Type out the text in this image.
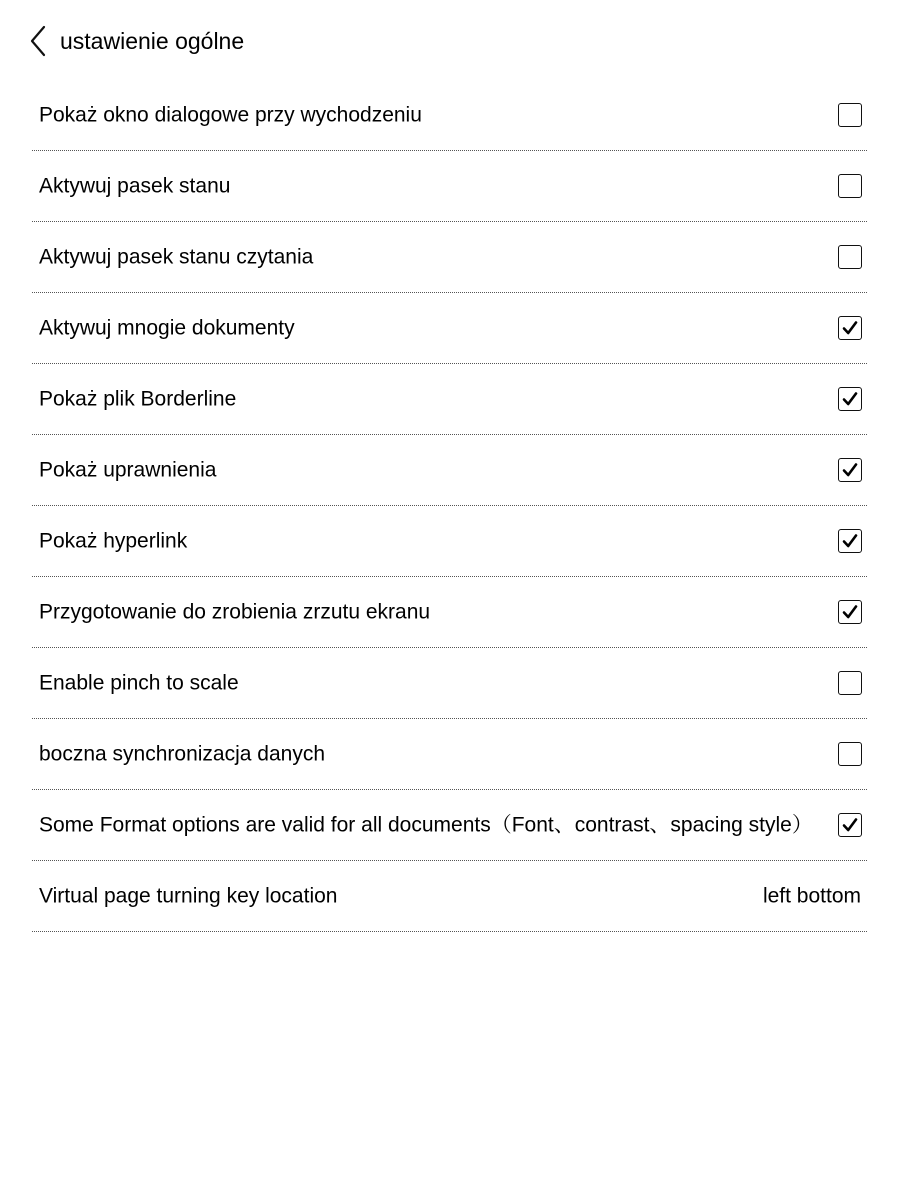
ustawienie ogólne
Pokaż okno dialogowe przy wychodzeniu
Aktywuj pasek stanu
Aktywuj pasek stanu czytania
Aktywuj mnogie dokumenty
Pokaż plik Borderline
Pokaż uprawnienia
Pokaż hyperlink
Przygotowanie do zrobienia zrzutu ekranu
Enable pinch to scale
boczna synchronizacja danych
Some Format options are valid for all documents（Font、contrast、spacing style）
Virtual page turning key location	left bottom
